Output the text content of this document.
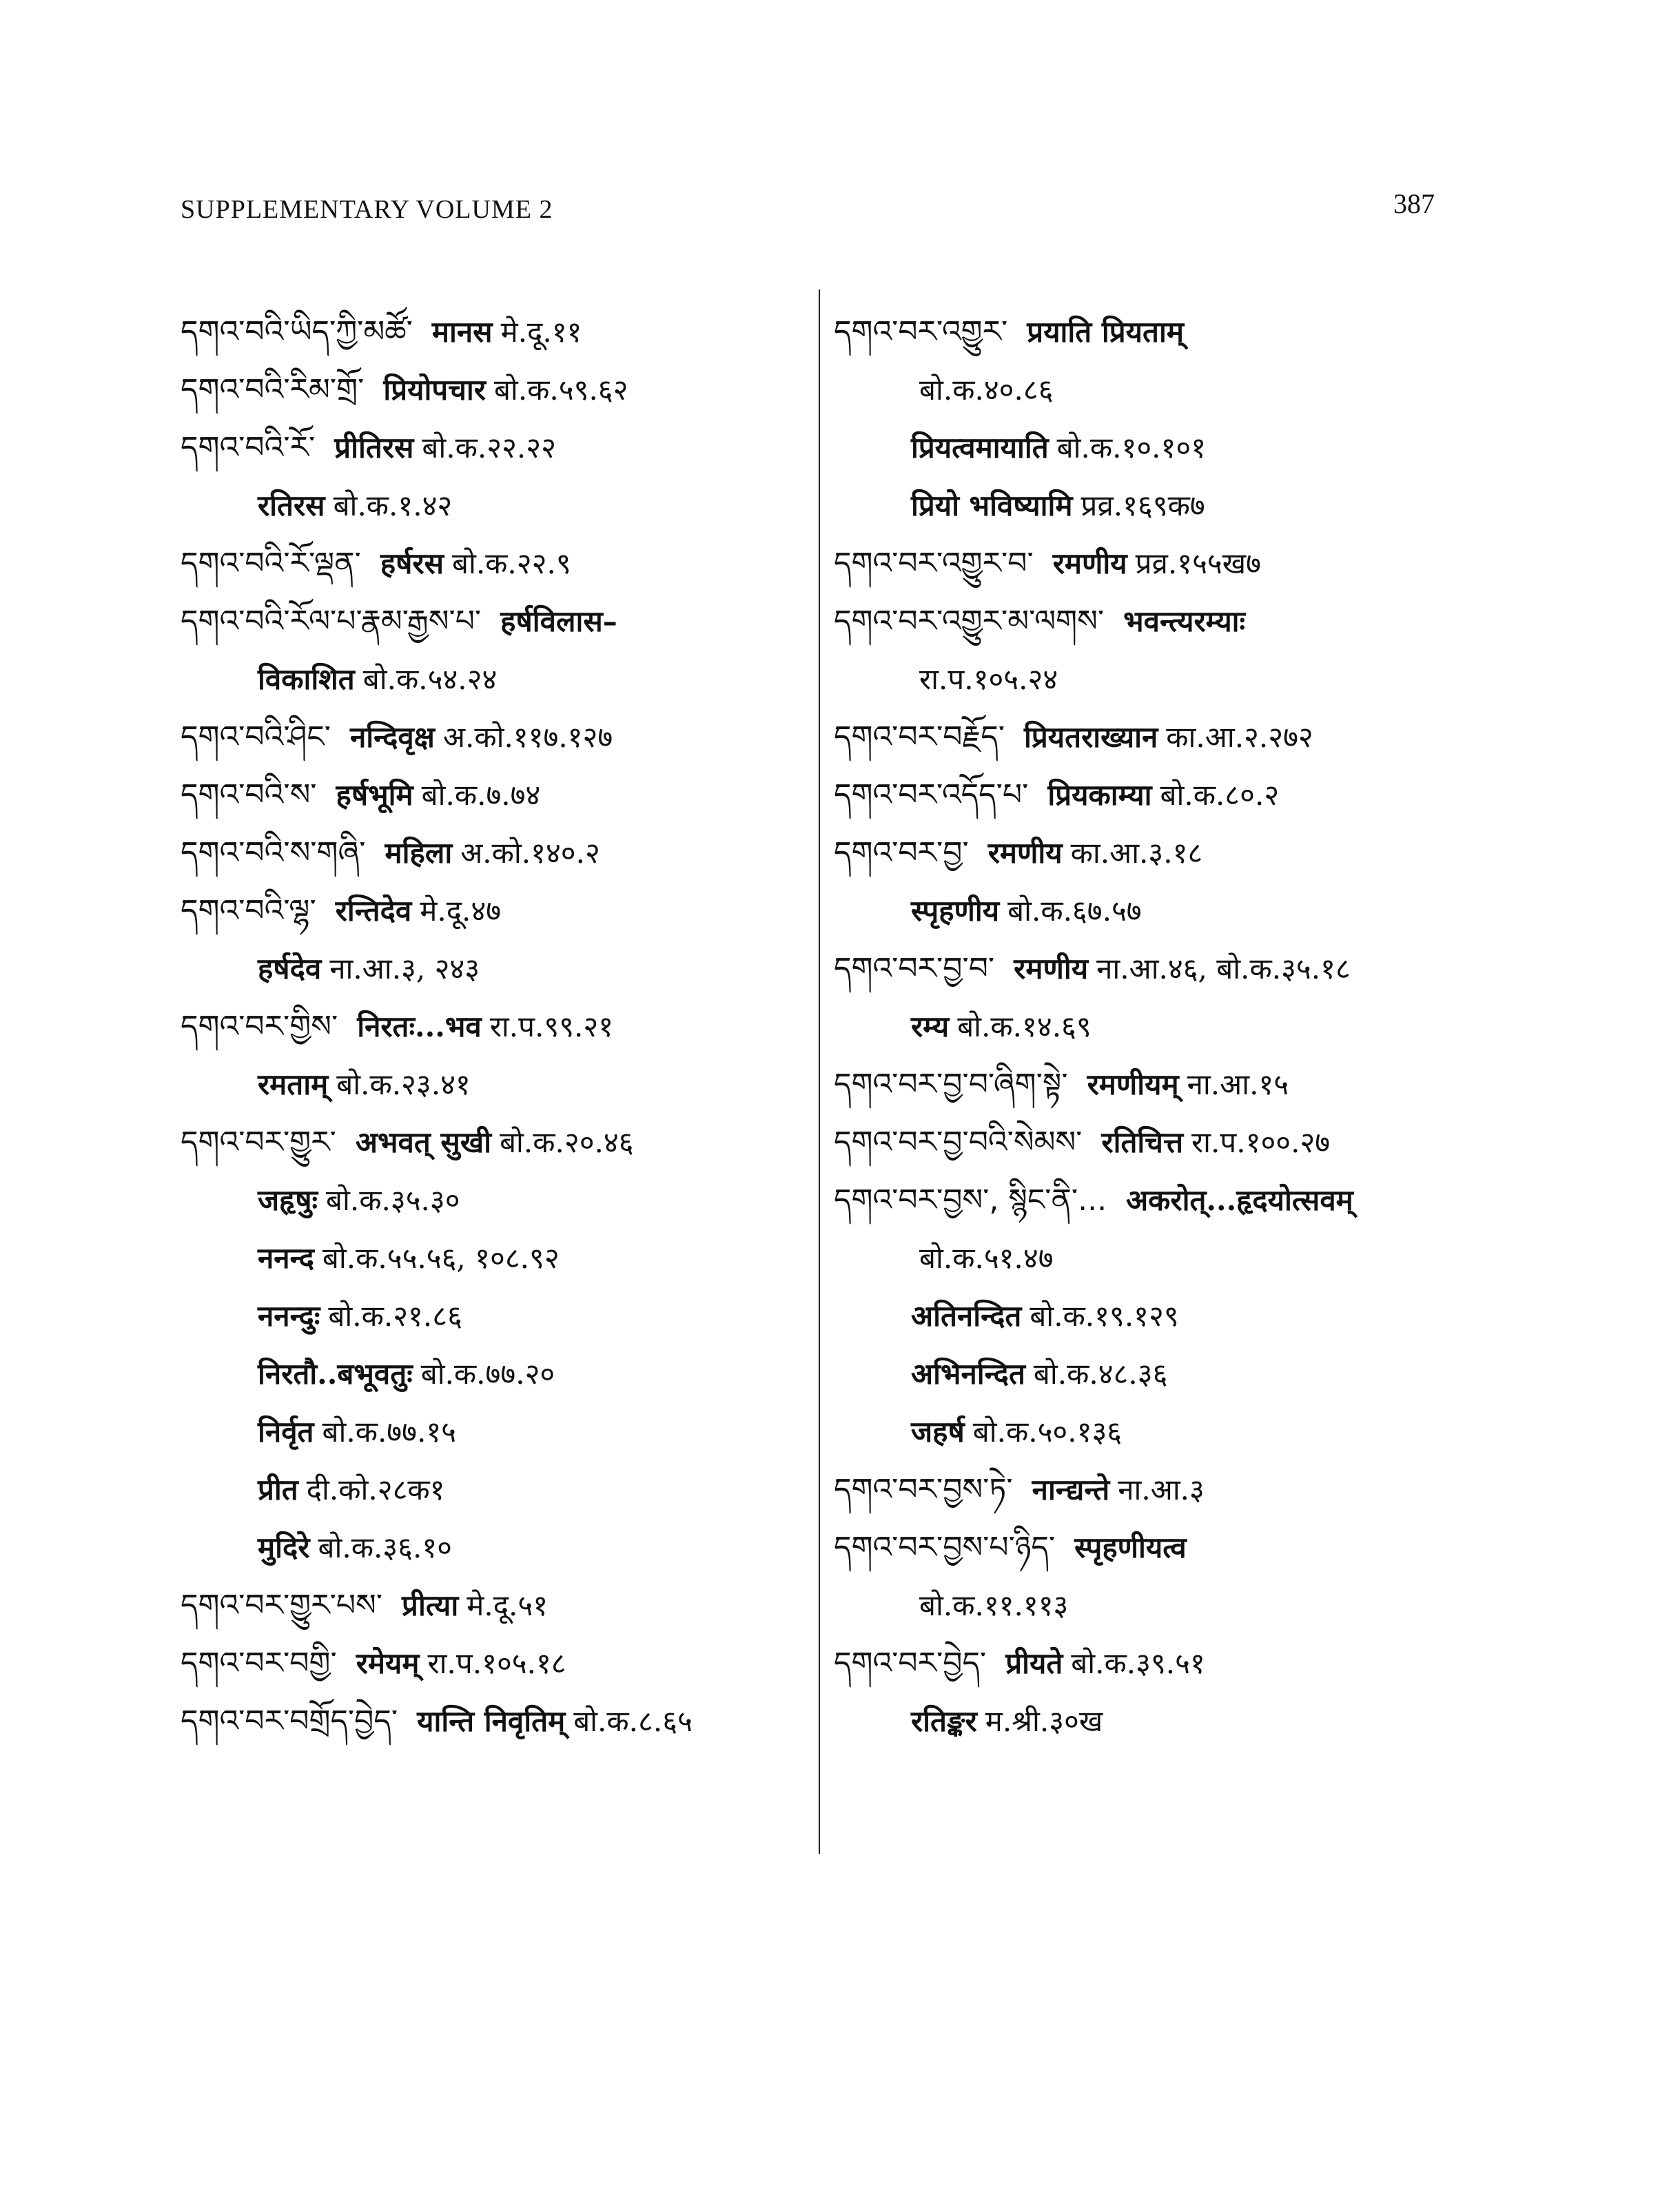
SUPPLEMENTARY VOLUME 2	387
དགའ་བའི་ཡིད་ཀྱི་མཚོ་ मानस मे.दू.११
དགའ་བའི་རིམ་གྲོ་ प्रियोपचार बो.क.५९.६२
དགའ་བའི་རོ་ प्रीतिरस बो.क.२२.२२
रतिरस बो.क.१.४२
དགའ་བའི་རོ་ལྡན་ हर्षरस बो.क.२२.९
དགའ་བའི་རོལ་པ་རྣམ་རྒྱས་པ་ हर्षविलास–
विकाशित बो.क.५४.२४
དགའ་བའི་ཤིང་ नन्दिवृक्ष अ.को.११७.१२७
དགའ་བའི་ས་ हर्षभूमि बो.क.७.७४
དགའ་བའི་ས་གཞི་ महिला अ.को.१४०.२
དགའ་བའི་ལྷ་ रन्तिदेव मे.दू.४७
हर्षदेव ना.आ.३, २४३
དགའ་བར་གྱིས་ निरतः...भव रा.प.९९.२१
रमताम् बो.क.२३.४१
དགའ་བར་གྱུར་ अभवत् सुखी बो.क.२०.४६
जहृषुः बो.क.३५.३०
ननन्द बो.क.५५.५६, १०८.९२
ननन्दुः बो.क.२१.८६
निरतौ..बभूवतुः बो.क.७७.२०
निर्वृत बो.क.७७.१५
प्रीत दी.को.२८क१
मुदिरे बो.क.३६.१०
དགའ་བར་གྱུར་པས་ प्रीत्या मे.दू.५१
དགའ་བར་བགྱི་ रमेयम् रा.प.१०५.१८
དགའ་བར་བགྲོད་བྱེད་ यान्ति निवृतिम् बो.क.८.६५
དགའ་བར་འགྱུར་ प्रयाति प्रियताम्
बो.क.४०.८६
प्रियत्वमायाति बो.क.१०.१०१
प्रियो भविष्यामि प्रव्र.१६९क७
དགའ་བར་འགྱུར་བ་ रमणीय प्रव्र.१५५ख७
དགའ་བར་འགྱུར་མ་ལགས་ भवन्त्यरम्याः
रा.प.१०५.२४
དགའ་བར་བརྗོད་ प्रियतराख्यान का.आ.२.२७२
དགའ་བར་འདོད་པ་ प्रियकाम्या बो.क.८०.२
དགའ་བར་བྱ་ रमणीय का.आ.३.१८
स्पृहणीय बो.क.६७.५७
དགའ་བར་བྱ་བ་ रमणीय ना.आ.४६, बो.क.३५.१८
रम्य बो.क.१४.६९
དགའ་བར་བྱ་བ་ཞིག་སྟེ་ रमणीयम् ना.आ.१५
དགའ་བར་བྱ་བའི་སེམས་ रतिचित्त रा.प.१००.२७
དགའ་བར་བྱས་, སྙིང་ནི་... अकरोत्...हृदयोत्सवम्
बो.क.५१.४७
अतिनन्दित बो.क.१९.१२९
अभिनन्दित बो.क.४८.३६
जहर्ष बो.क.५०.१३६
དགའ་བར་བྱས་ཏེ་ नान्द्यन्ते ना.आ.३
དགའ་བར་བྱས་པ་ཉིད་ स्पृहणीयत्व
बो.क.११.११३
དགའ་བར་བྱེད་ प्रीयते बो.क.३९.५१
रतिङ्कर म.श्री.३०ख
